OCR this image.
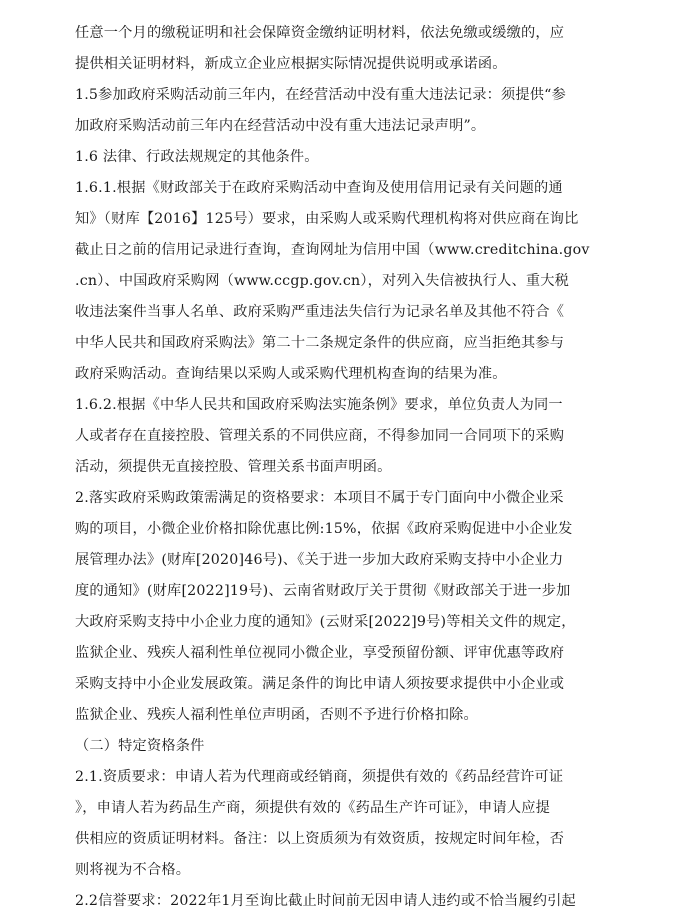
任意一个月的缴税证明和社会保障资金缴纳证明材料，依法免缴或缓缴的，应
提供相关证明材料，新成立企业应根据实际情况提供说明或承诺函。
1.5参加政府采购活动前三年内，在经营活动中没有重大违法记录：须提供“参
加政府采购活动前三年内在经营活动中没有重大违法记录声明”。
1.6 法律、行政法规规定的其他条件。
1.6.1.根据《财政部关于在政府采购活动中查询及使用信用记录有关问题的通
知》（财库【2016】125号）要求，由采购人或采购代理机构将对供应商在询比
截止日之前的信用记录进行查询，查询网址为信用中国（www.creditchina.gov
.cn）、中国政府采购网（www.ccgp.gov.cn），对列入失信被执行人、重大税
收违法案件当事人名单、政府采购严重违法失信行为记录名单及其他不符合《
中华人民共和国政府采购法》第二十二条规定条件的供应商，应当拒绝其参与
政府采购活动。查询结果以采购人或采购代理机构查询的结果为准。
1.6.2.根据《中华人民共和国政府采购法实施条例》要求，单位负责人为同一
人或者存在直接控股、管理关系的不同供应商，不得参加同一合同项下的采购
活动，须提供无直接控股、管理关系书面声明函。
2.落实政府采购政策需满足的资格要求：本项目不属于专门面向中小微企业采
购的项目，小微企业价格扣除优惠比例:15%，依据《政府采购促进中小企业发
展管理办法》(财库[2020]46号)、《关于进一步加大政府采购支持中小企业力
度的通知》(财库[2022]19号)、云南省财政厅关于贯彻《财政部关于进一步加
大政府采购支持中小企业力度的通知》(云财采[2022]9号)等相关文件的规定，
监狱企业、残疾人福利性单位视同小微企业，享受预留份额、评审优惠等政府
采购支持中小企业发展政策。满足条件的询比申请人须按要求提供中小企业或
监狱企业、残疾人福利性单位声明函，否则不予进行价格扣除。
（二）特定资格条件
2.1.资质要求：申请人若为代理商或经销商，须提供有效的《药品经营许可证
》，申请人若为药品生产商，须提供有效的《药品生产许可证》，申请人应提
供相应的资质证明材料。备注：以上资质须为有效资质，按规定时间年检，否
则将视为不合格。
2.2信誉要求：2022年1月至询比截止时间前无因申请人违约或不恰当履约引起
